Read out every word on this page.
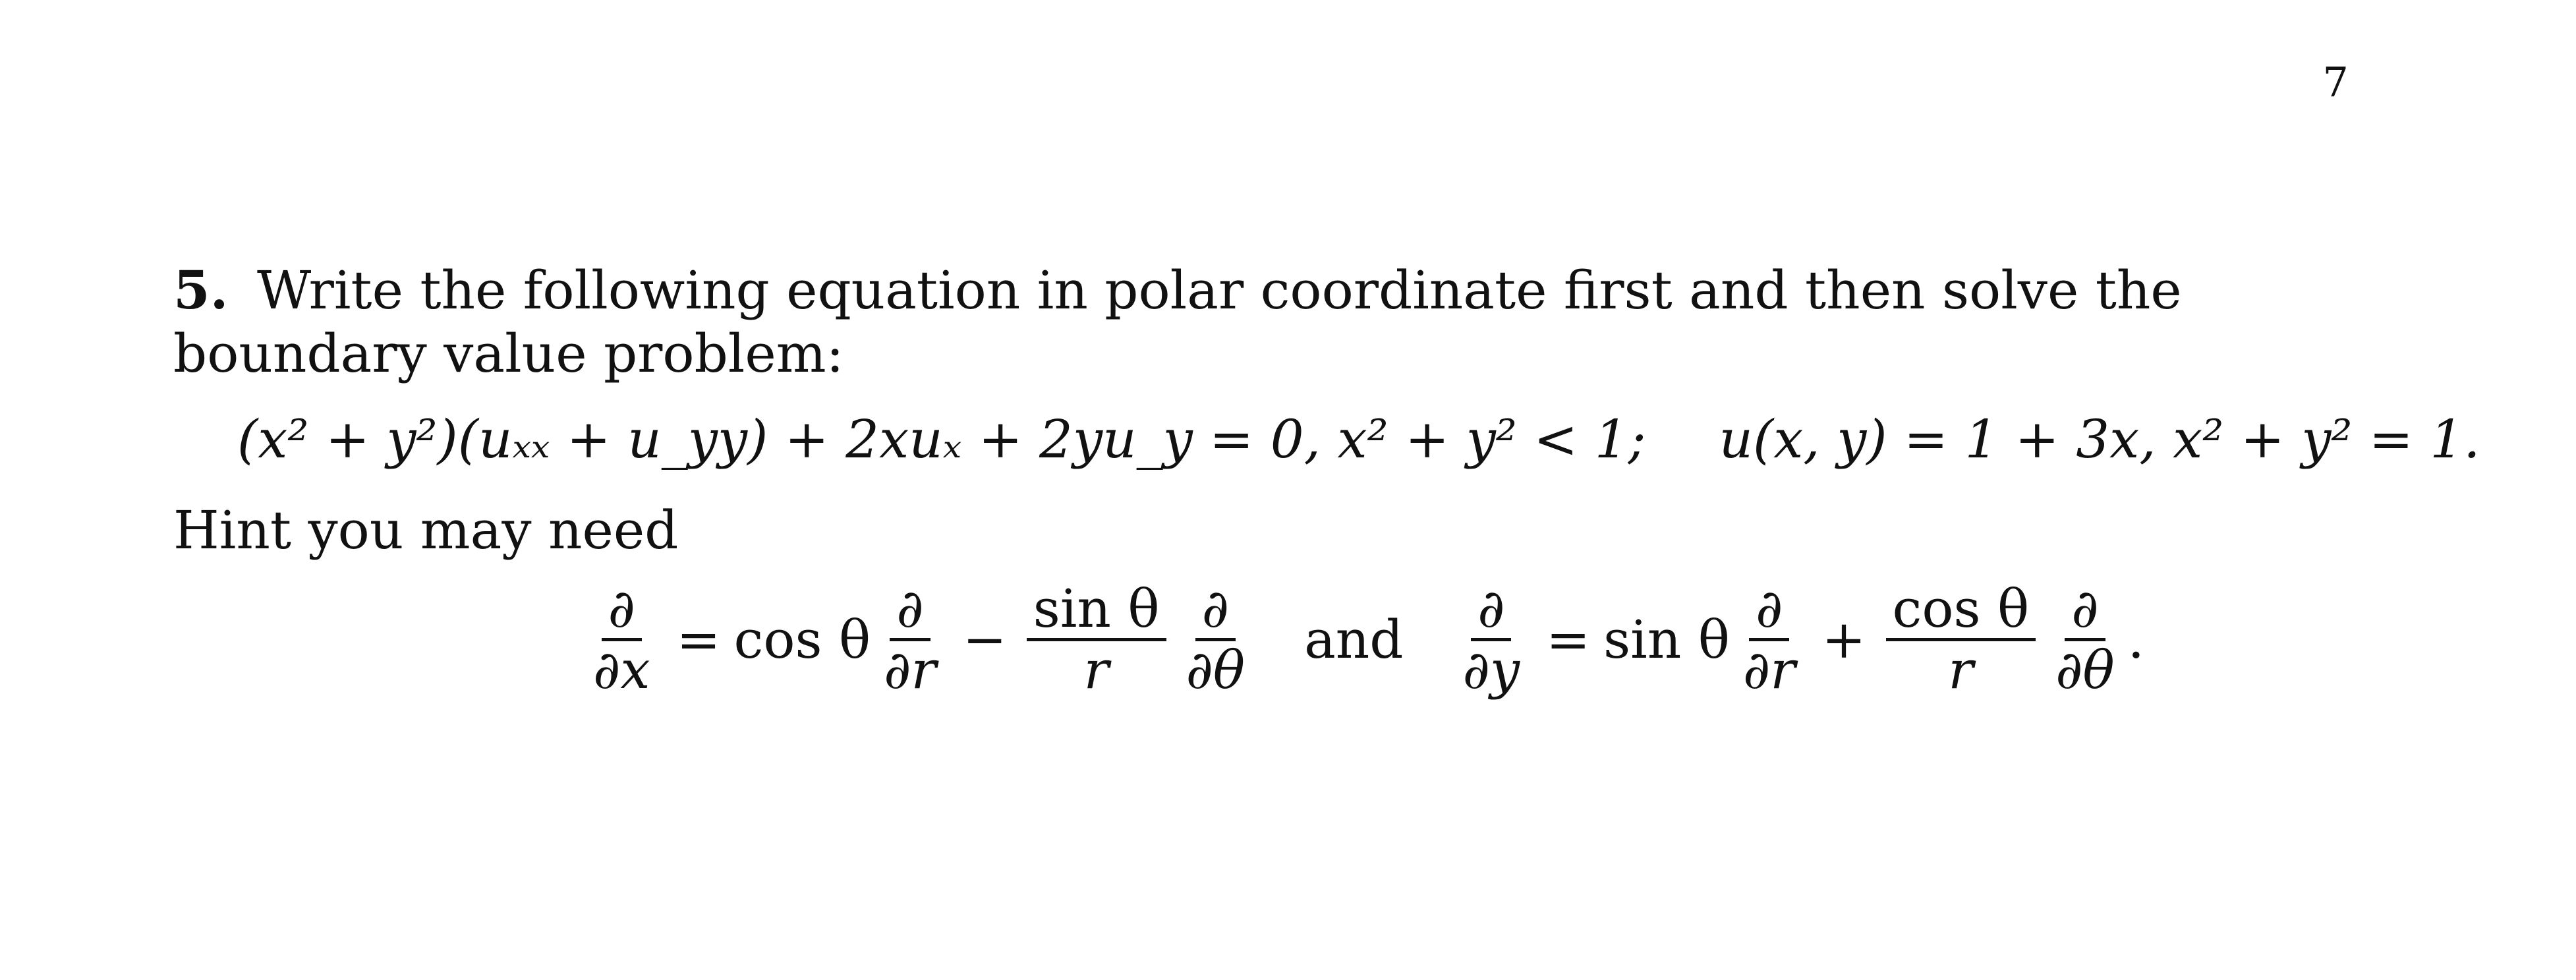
7
5. Write the following equation in polar coordinate first and then solve the boundary value problem:
(x² + y²)(uₓₓ + u_yy) + 2xuₓ + 2yu_y = 0, x² + y² < 1; u(x, y) = 1 + 3x, x² + y² = 1.
Hint you may need
$\frac{\partial}{\partial x} = \cos \theta \frac{\partial}{\partial r} - \frac{\text{sin θ}}{r} \frac{\partial}{\partial\theta}$ and $\frac{\partial}{\partial y} = \sin \theta \frac{\partial}{\partial r} + \frac{\text{cos θ}}{r} \frac{\partial}{\partial\theta}$ .
